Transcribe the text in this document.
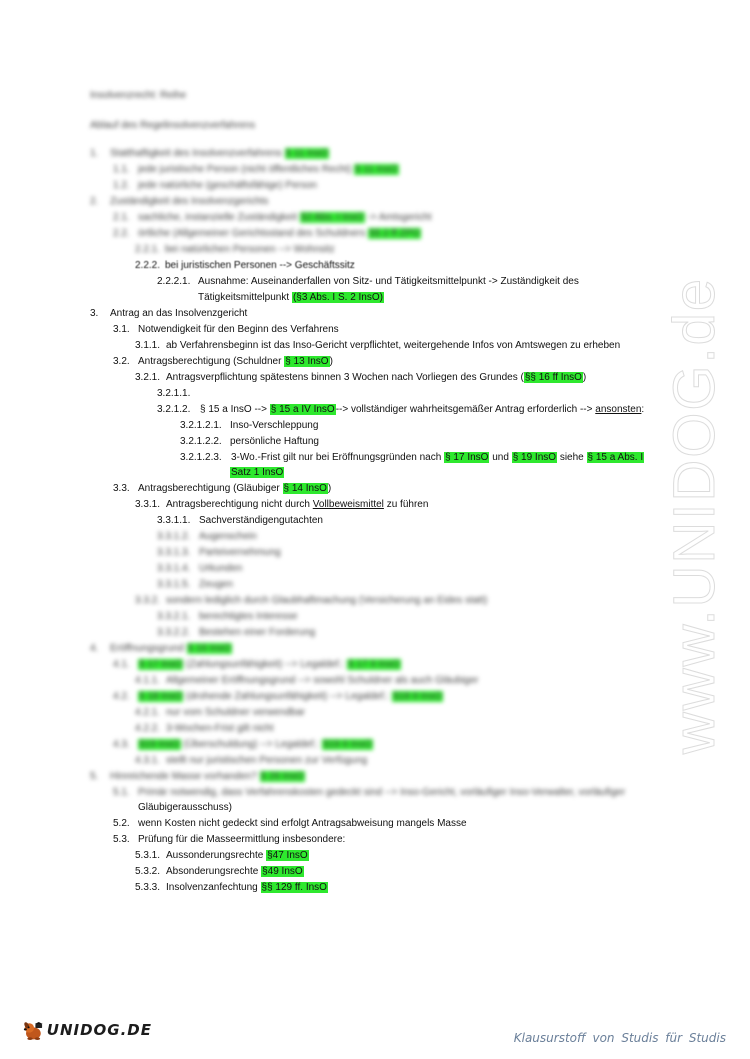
www.UNIDOG.de
Insolvenzrecht: Reihe
Ablauf des Regelinsolvenzverfahrens
1. Statthaftigkeit des Insolvenzverfahrens § 11 InsO
1.1. jede juristische Person (nicht öffentliches Recht) § 11 InsO
1.2. jede natürliche (geschäftsfähige) Person
2. Zuständigkeit des Insolvenzgerichts
2.1. sachliche, instanzielle Zuständigkeit §2 Abs. I InsO -> Amtsgericht
2.2. örtliche (Allgemeiner Gerichtsstand des Schuldners §§ 2 ff ZPO
2.2.1. bei natürlichen Personen --> Wohnsitz
2.2.2. bei juristischen Personen --> Geschäftssitz
2.2.2.1. Ausnahme: Auseinanderfallen von Sitz- und Tätigkeitsmittelpunkt -> Zuständigkeit des
Tätigkeitsmittelpunkt (§3 Abs. I S. 2 InsO)
3. Antrag an das Insolvenzgericht
3.1. Notwendigkeit für den Beginn des Verfahrens
3.1.1. ab Verfahrensbeginn ist das Inso-Gericht verpflichtet, weitergehende Infos von Amtswegen zu erheben
3.2. Antragsberechtigung (Schuldner § 13 InsO)
3.2.1. Antragsverpflichtung spätestens binnen 3 Wochen nach Vorliegen des Grundes (§§ 16 ff InsO)
3.2.1.1.
3.2.1.2. § 15 a InsO --> § 15 a IV InsO--> vollständiger wahrheitsgemäßer Antrag erforderlich --> ansonsten:
3.2.1.2.1. Inso-Verschleppung
3.2.1.2.2. persönliche Haftung
3.2.1.2.3. 3-Wo.-Frist gilt nur bei Eröffnungsgründen nach § 17 InsO und § 19 InsO siehe § 15 a Abs. I
Satz 1 InsO
3.3. Antragsberechtigung (Gläubiger § 14 InsO)
3.3.1. Antragsberechtigung nicht durch Vollbeweismittel zu führen
3.3.1.1. Sachverständigengutachten
3.3.1.2. Augenschein
3.3.1.3. Parteivernehmung
3.3.1.4. Urkunden
3.3.1.5. Zeugen
3.3.2. sondern lediglich durch Glaubhaftmachung (Versicherung an Eides statt)
3.3.2.1. berechtigtes Interesse
3.3.2.2. Bestehen einer Forderung
4. Eröffnungsgrund § 16 InsO
4.1. § 17 InsO (Zahlungsunfähigkeit) --> Legaldef.: § 17 II InsO
4.1.1. Allgemeiner Eröffnungsgrund --> sowohl Schuldner als auch Gläubiger
4.2. § 18 InsO (drohende Zahlungsunfähigkeit) --> Legaldef.: §18 II InsO
4.2.1. nur vom Schuldner verwendbar
4.2.2. 3-Wochen-Frist gilt nicht
4.3. §19 InsO (Überschuldung) --> Legaldef.: §19 II InsO
4.3.1. stellt nur juristischen Personen zur Verfügung
5. Hinreichende Masse vorhanden? § 26 InsO
5.1. Primär notwendig, dass Verfahrenskosten gedeckt sind --> Inso-Gericht, vorläufiger Inso-Verwalter, vorläufiger
Gläubigerausschuss)
5.2. wenn Kosten nicht gedeckt sind erfolgt Antragsabweisung mangels Masse
5.3. Prüfung für die Masseermittlung insbesondere:
5.3.1. Aussonderungsrechte §47 InsO
5.3.2. Absonderungsrechte §49 InsO
5.3.3. Insolvenzanfechtung §§ 129 ff. InsO
UNIDOG.DE	Klausurstoff von Studis für Studis
